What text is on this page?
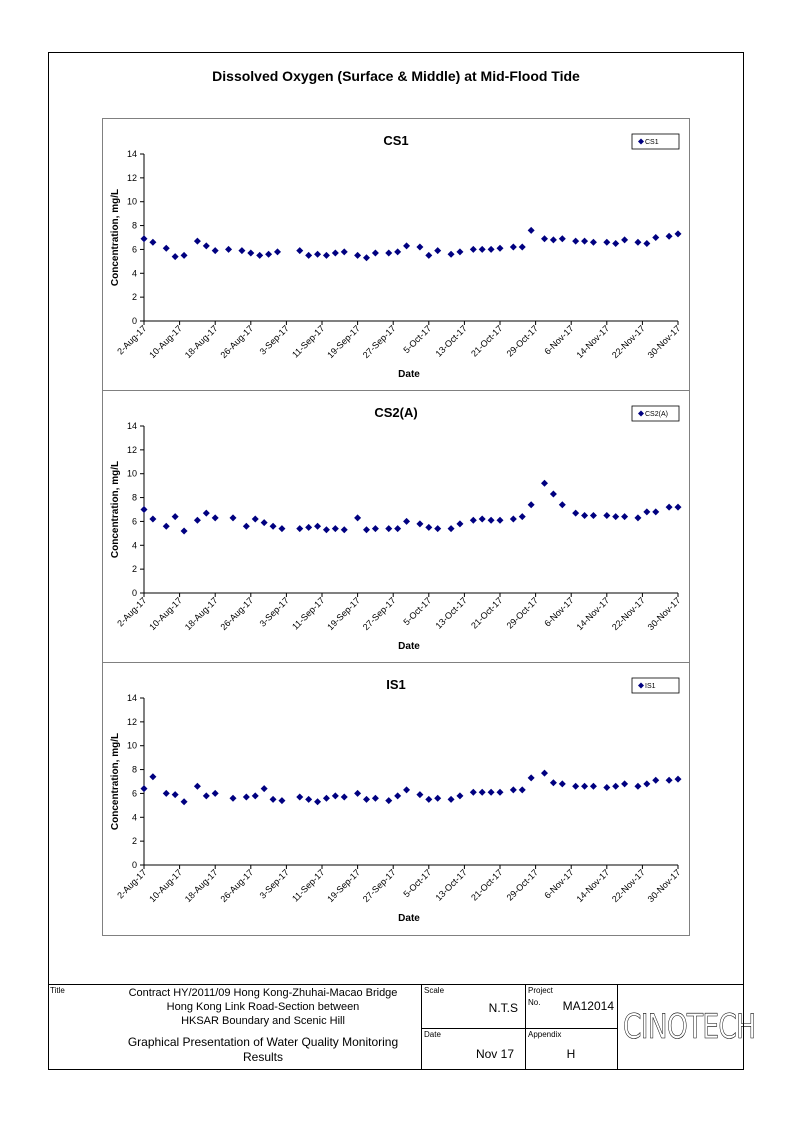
Dissolved Oxygen (Surface & Middle) at Mid-Flood Tide
CS1
0
2
4
6
8
10
12
14
2-Aug-17
10-Aug-17
18-Aug-17
26-Aug-17 3-Sep-17 11-Sep-17
19-Sep-17
27-Sep-17 5-Oct-17 13-Oct-17 21-Oct-17 29-Oct-17 6-Nov-17
14-Nov-17
22-Nov-17
30-Nov-17
Date
Concentration, mg/L
CS1
CS2(A)
0
2
4
6
8
10
12
14
2-Aug-17
10-Aug-17
18-Aug-17
26-Aug-17 3-Sep-17 11-Sep-17
19-Sep-17
27-Sep-17 5-Oct-17 13-Oct-17 21-Oct-17 29-Oct-17 6-Nov-17
14-Nov-17
22-Nov-17
30-Nov-17
Date
Concentration, mg/L
CS2(A)
IS1
0
2
4
6
8
10
12
14
2-Aug-17
10-Aug-17
18-Aug-17
26-Aug-17 3-Sep-17 11-Sep-17
19-Sep-17
27-Sep-17 5-Oct-17 13-Oct-17 21-Oct-17 29-Oct-17 6-Nov-17
14-Nov-17
22-Nov-17
30-Nov-17
Date
Concentration, mg/L
IS1
Title	Contract HY/2011/09 Hong Kong-Zhuhai-Macao Bridge
Hong Kong Link Road-Section between
HKSAR Boundary and Scenic Hill
Graphical Presentation of Water Quality Monitoring
Results
Scale
N.T.S
Date
Nov 17
Project
No.	MA12014
Appendix
H
CINOTECH
